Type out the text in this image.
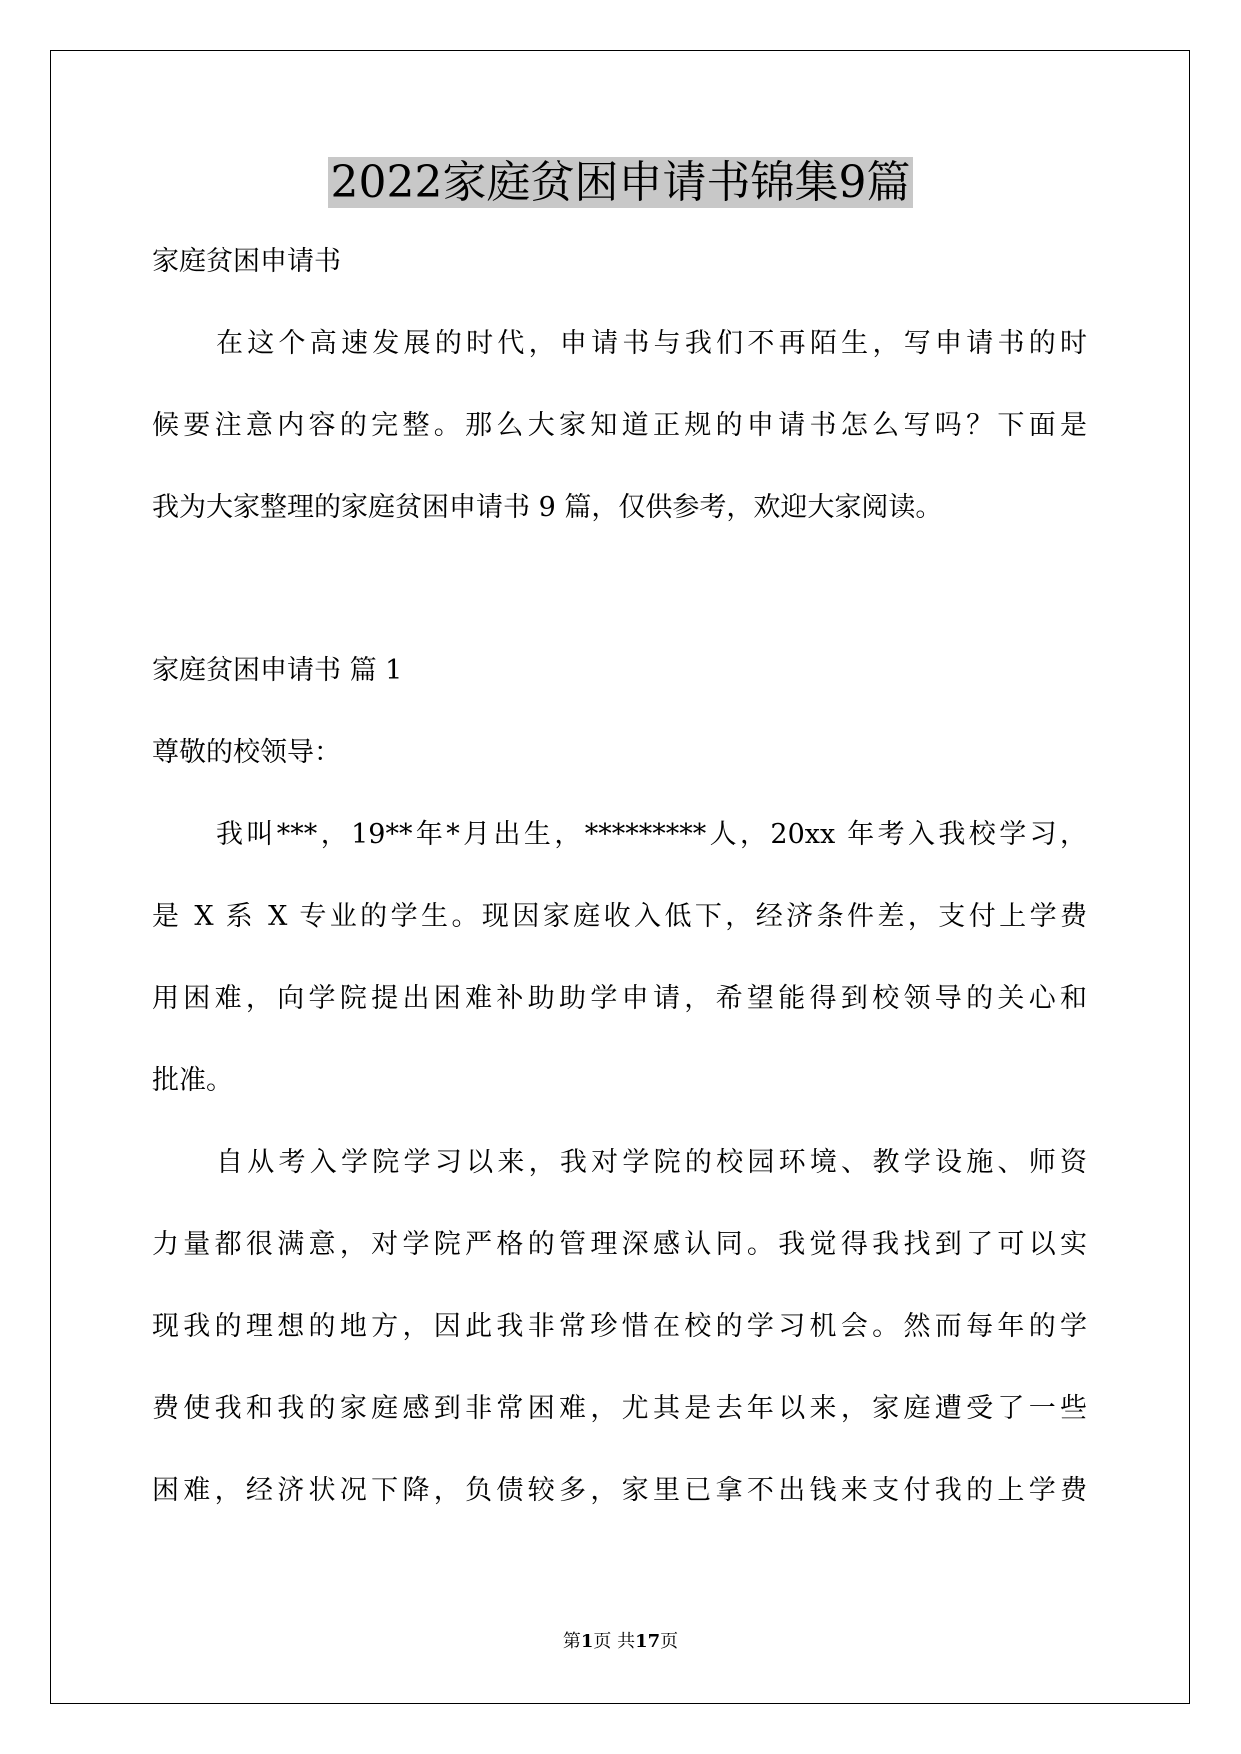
2022家庭贫困申请书锦集9篇
家庭贫困申请书
在这个高速发展的时代，申请书与我们不再陌生，写申请书的时
候要注意内容的完整。那么大家知道正规的申请书怎么写吗？下面是
我为大家整理的家庭贫困申请书 9 篇，仅供参考，欢迎大家阅读。
家庭贫困申请书 篇 1
尊敬的校领导：
我叫***，19**年*月出生，*********人，20xx 年考入我校学习，
是 X 系 X 专业的学生。现因家庭收入低下，经济条件差，支付上学费
用困难，向学院提出困难补助助学申请，希望能得到校领导的关心和
批准。
自从考入学院学习以来，我对学院的校园环境、教学设施、师资
力量都很满意，对学院严格的管理深感认同。我觉得我找到了可以实
现我的理想的地方，因此我非常珍惜在校的学习机会。然而每年的学
费使我和我的家庭感到非常困难，尤其是去年以来，家庭遭受了一些
困难，经济状况下降，负债较多，家里已拿不出钱来支付我的上学费
第1页 共17页
